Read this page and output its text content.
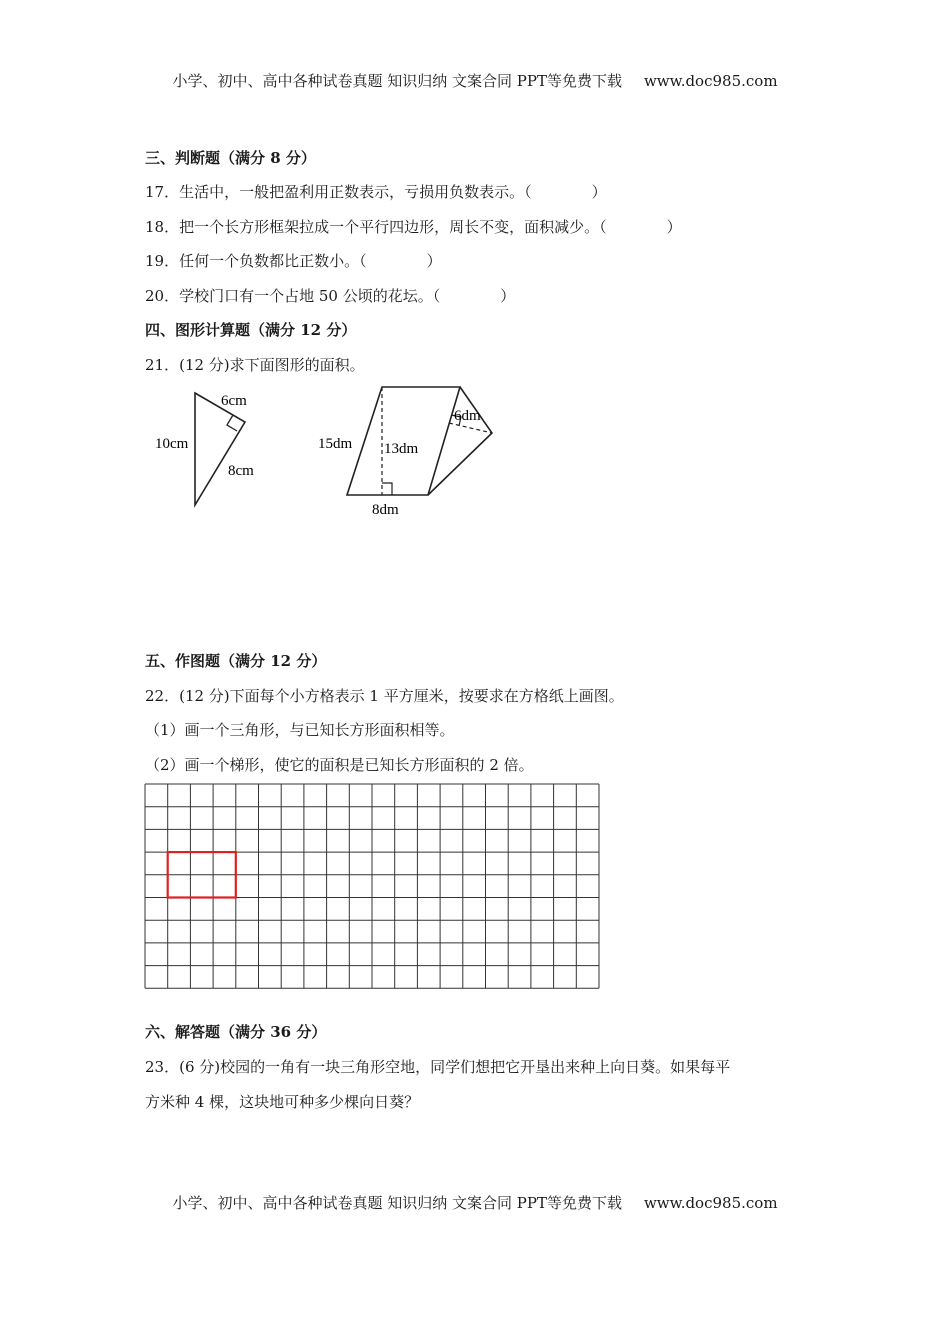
小学、初中、高中各种试卷真题 知识归纳 文案合同 PPT等免费下载 www.doc985.com
三、判断题（满分 8 分）
17．生活中，一般把盈利用正数表示，亏损用负数表示。（　　　　）
18．把一个长方形框架拉成一个平行四边形，周长不变，面积减少。（　　　　）
19．任何一个负数都比正数小。（　　　　）
20．学校门口有一个占地 50 公顷的花坛。（　　　　）
四、图形计算题（满分 12 分）
21．(12 分)求下面图形的面积。
6cm
10cm
8cm
15dm 13dm
6dm
8dm
五、作图题（满分 12 分）
22．(12 分)下面每个小方格表示 1 平方厘米，按要求在方格纸上画图。
（1）画一个三角形，与已知长方形面积相等。
（2）画一个梯形，使它的面积是已知长方形面积的 2 倍。
六、解答题（满分 36 分）
23．(6 分)校园的一角有一块三角形空地，同学们想把它开垦出来种上向日葵。如果每平
方米种 4 棵，这块地可种多少棵向日葵？
小学、初中、高中各种试卷真题 知识归纳 文案合同 PPT等免费下载 www.doc985.com
